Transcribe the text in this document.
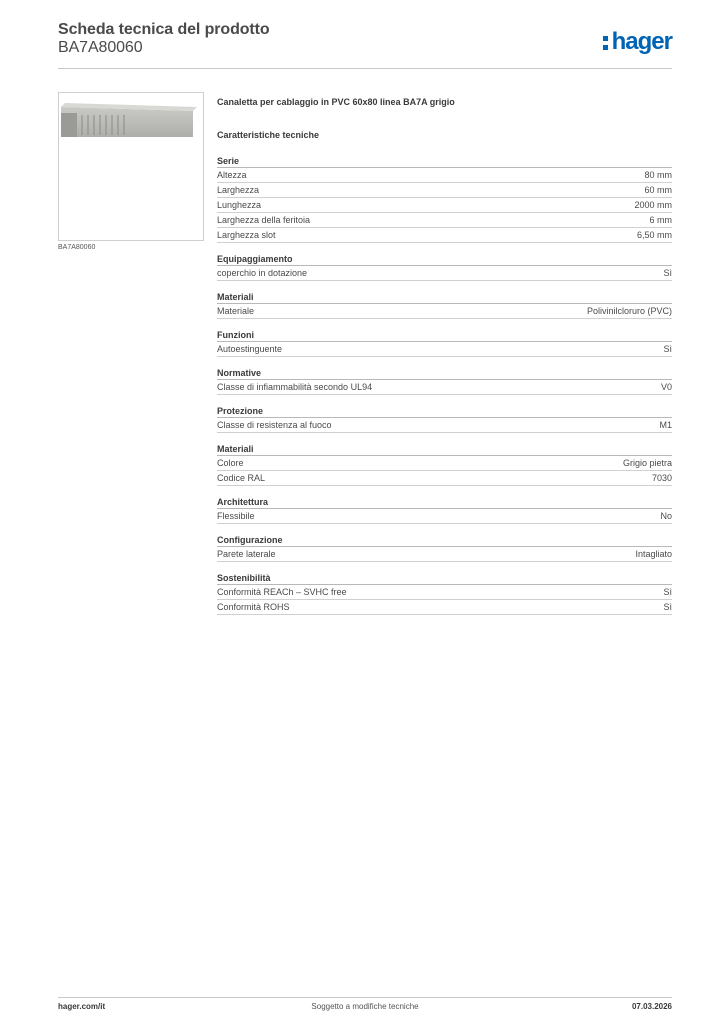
Scheda tecnica del prodotto
BA7A80060	hager
BA7A80060
Canaletta per cablaggio in PVC 60x80 linea BA7A grigio
Caratteristiche tecniche
Serie
Altezza	80 mm
Larghezza	60 mm
Lunghezza	2000 mm
Larghezza della feritoia	6 mm
Larghezza slot	6,50 mm
Equipaggiamento
coperchio in dotazione	Sì
Materiali
Materiale	Polivinilcloruro (PVC)
Funzioni
Autoestinguente	Sì
Normative
Classe di infiammabilità secondo UL94	V0
Protezione
Classe di resistenza al fuoco	M1
Materiali
Colore	Grigio pietra
Codice RAL	7030
Architettura
Flessibile	No
Configurazione
Parete laterale	Intagliato
Sostenibilità
Conformità REACh – SVHC free	Sì
Conformità ROHS	Sì
hager.com/it	Soggetto a modifiche tecniche	07.03.2026
